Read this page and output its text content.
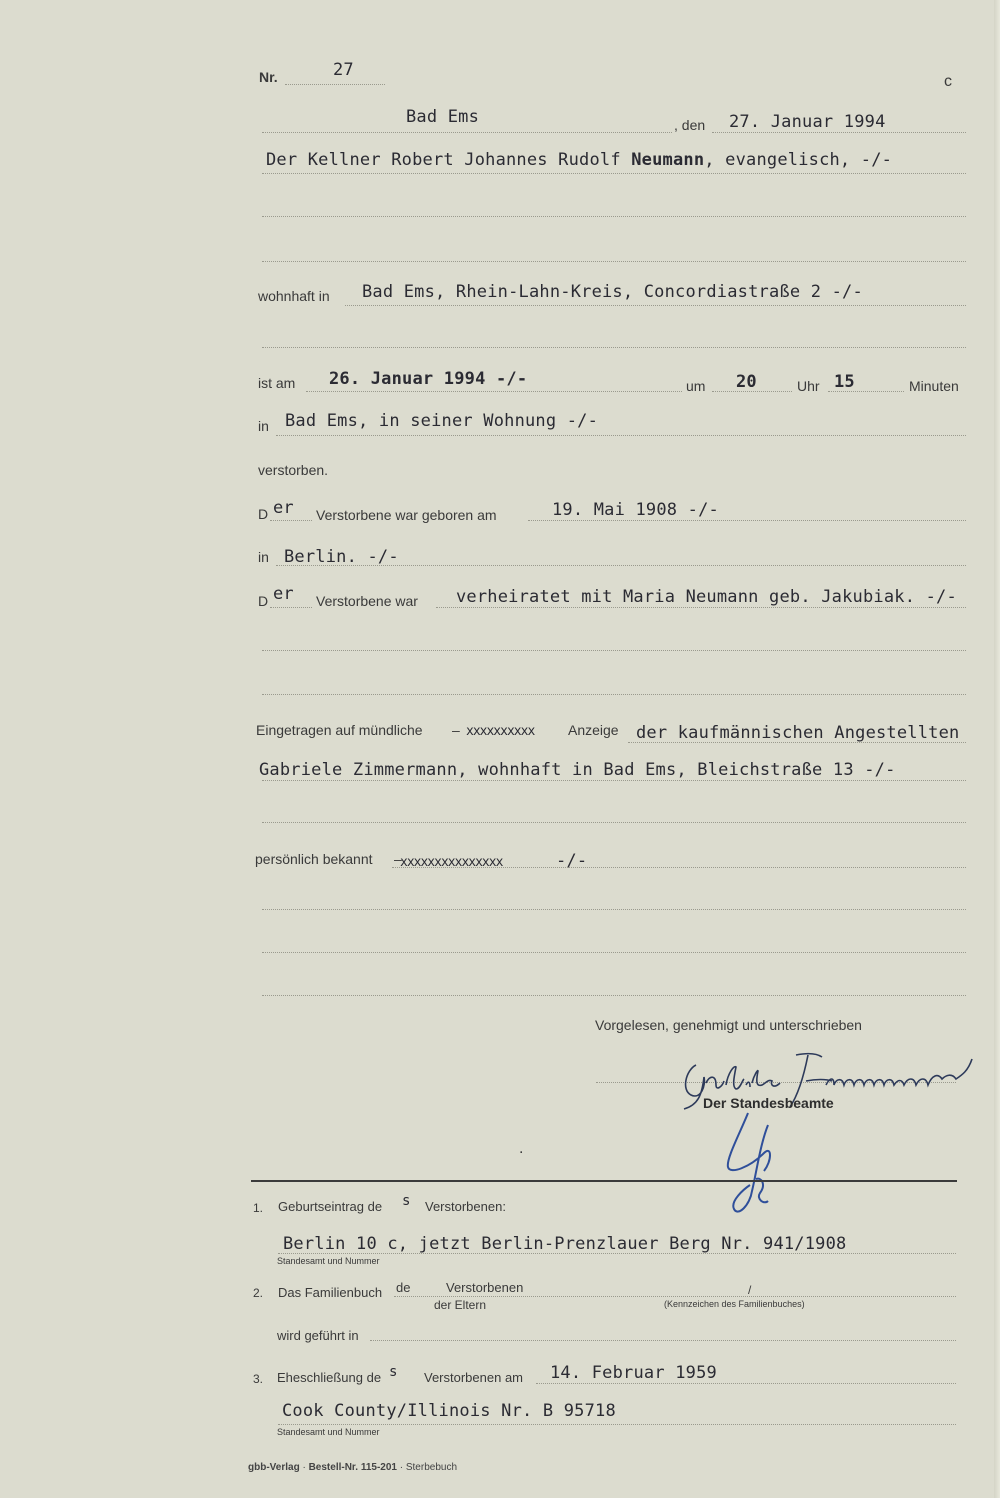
Nr.	27
c
Bad Ems	, den 27. Januar 1994
Der Kellner Robert Johannes Rudolf Neumann, evangelisch, -/-
wohnhaft in Bad Ems, Rhein-Lahn-Kreis, Concordiastraße 2 -/-
ist am 26. Januar 1994 -/-	um 20	Uhr 15	Minuten
in Bad Ems, in seiner Wohnung -/-
verstorben.
D er Verstorbene war geboren am	19. Mai 1908 -/-
in Berlin. -/-
D er Verstorbene war verheiratet mit Maria Neumann geb. Jakubiak. -/-
Eingetragen auf mündliche – xxxxxxxxxx Anzeige der kaufmännischen Angestellten
Gabriele Zimmermann, wohnhaft in Bad Ems, Bleichstraße 13 -/-
persönlich bekannt –
xxxxxxxxxxxxxxx	-/-
Vorgelesen, genehmigt und unterschrieben
Der Standesbeamte
.
1. Geburtseintrag de s Verstorbenen:
Berlin 10 c, jetzt Berlin-Prenzlauer Berg Nr. 941/1908
Standesamt und Nummer
2. Das Familienbuch de	Verstorbenen
der Eltern
/
(Kennzeichen des Familienbuches)
wird geführt in
3. Eheschließung de s Verstorbenen am 14. Februar 1959
Cook County/Illinois Nr. B 95718
Standesamt und Nummer
gbb-Verlag · Bestell-Nr. 115-201 · Sterbebuch
